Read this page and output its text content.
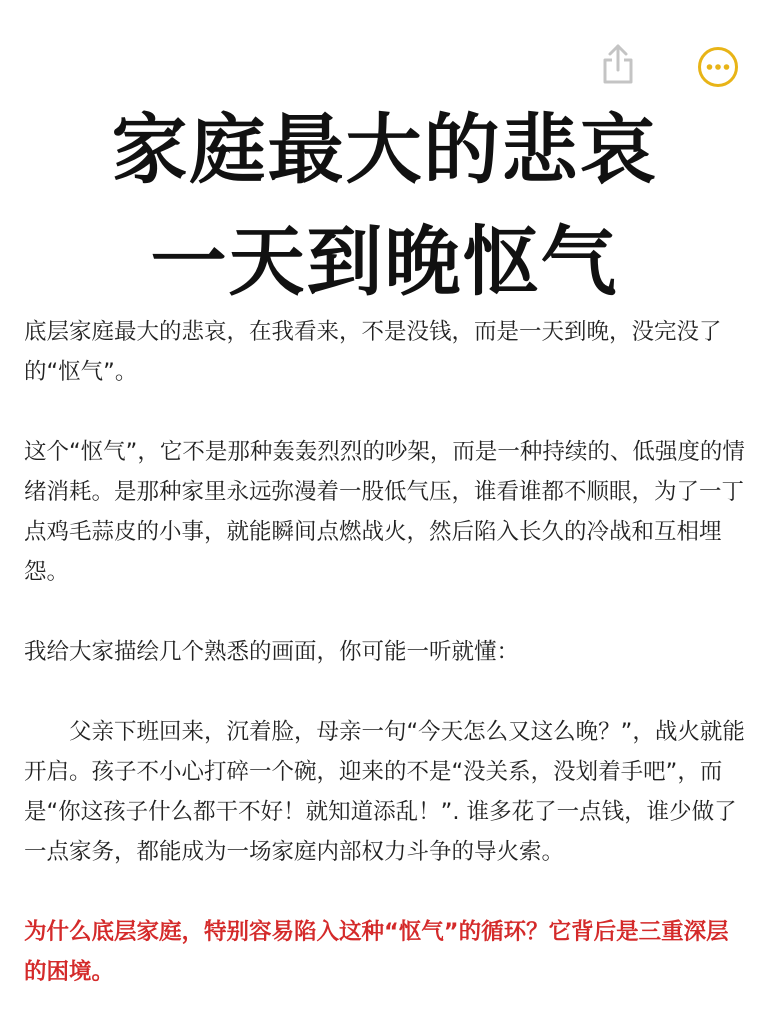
家庭最大的悲哀
一天到晚怄气

底层家庭最大的悲哀，在我看来，不是没钱，而是一天到晚，没完没了的“怄气”。

这个“怄气”，它不是那种轰轰烈烈的吵架，而是一种持续的、低强度的情绪消耗。是那种家里永远弥漫着一股低气压，谁看谁都不顺眼，为了一丁点鸡毛蒜皮的小事，就能瞬间点燃战火，然后陷入长久的冷战和互相埋怨。

我给大家描绘几个熟悉的画面，你可能一听就懂：

父亲下班回来，沉着脸，母亲一句“今天怎么又这么晚？”，战火就能开启。孩子不小心打碎一个碗，迎来的不是“没关系，没划着手吧”，而是“你这孩子什么都干不好！就知道添乱！”. 谁多花了一点钱，谁少做了一点家务，都能成为一场家庭内部权力斗争的导火索。

为什么底层家庭，特别容易陷入这种“怄气”的循环？它背后是三重深层的困境。
